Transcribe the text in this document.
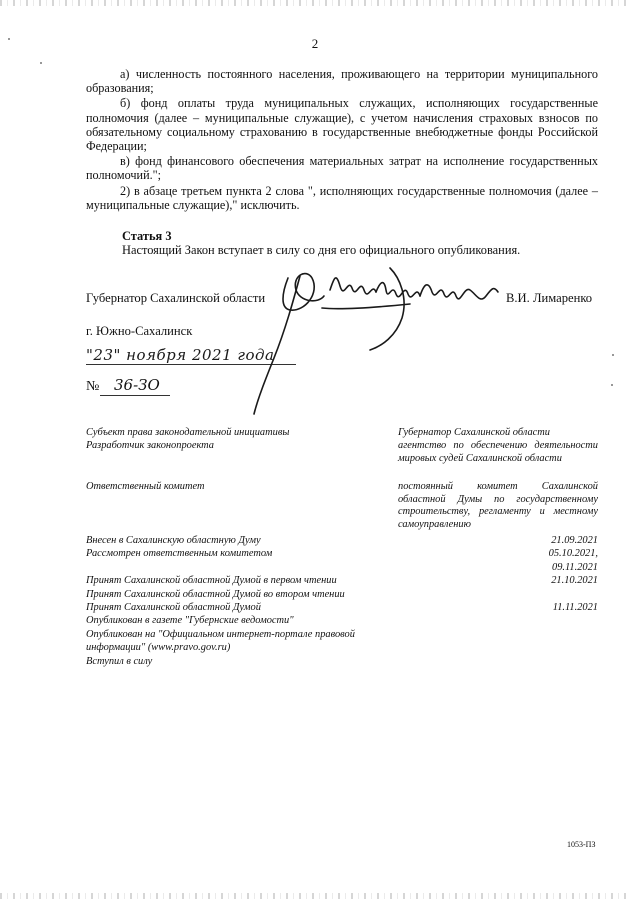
2

а) численность постоянного населения, проживающего на территории муниципального образования;

б) фонд оплаты труда муниципальных служащих, исполняющих государственные полномочия (далее – муниципальные служащие), с учетом начисления страховых взносов по обязательному социальному страхованию в государственные внебюджетные фонды Российской Федерации;

в) фонд финансового обеспечения материальных затрат на исполнение государственных полномочий.";

2) в абзаце третьем пункта 2 слова ", исполняющих государственные полномочия (далее – муниципальные служащие)," исключить.

Статья 3
Настоящий Закон вступает в силу со дня его официального опубликования.
Губернатор Сахалинской области	В.И. Лимаренко
г. Южно-Сахалинск
"23" ноября 2021 года
№ 36-ЗО
Субъект права законодательной инициативы	Губернатор Сахалинской области
Разработчик законопроекта	агентство по обеспечению деятельности мировых судей Сахалинской области
Ответственный комитет	постоянный комитет Сахалинской областной Думы по государственному строительству, регламенту и местному самоуправлению
Внесен в Сахалинскую областную Думу	21.09.2021
Рассмотрен ответственным комитетом	05.10.2021,
09.11.2021
Принят Сахалинской областной Думой в первом чтении	21.10.2021
Принят Сахалинской областной Думой во втором чтении
Принят Сахалинской областной Думой	11.11.2021
Опубликован в газете "Губернские ведомости"
Опубликован на "Официальном интернет-портале правовой
информации" (www.pravo.gov.ru)
Вступил в силу
1053-ПЗ
